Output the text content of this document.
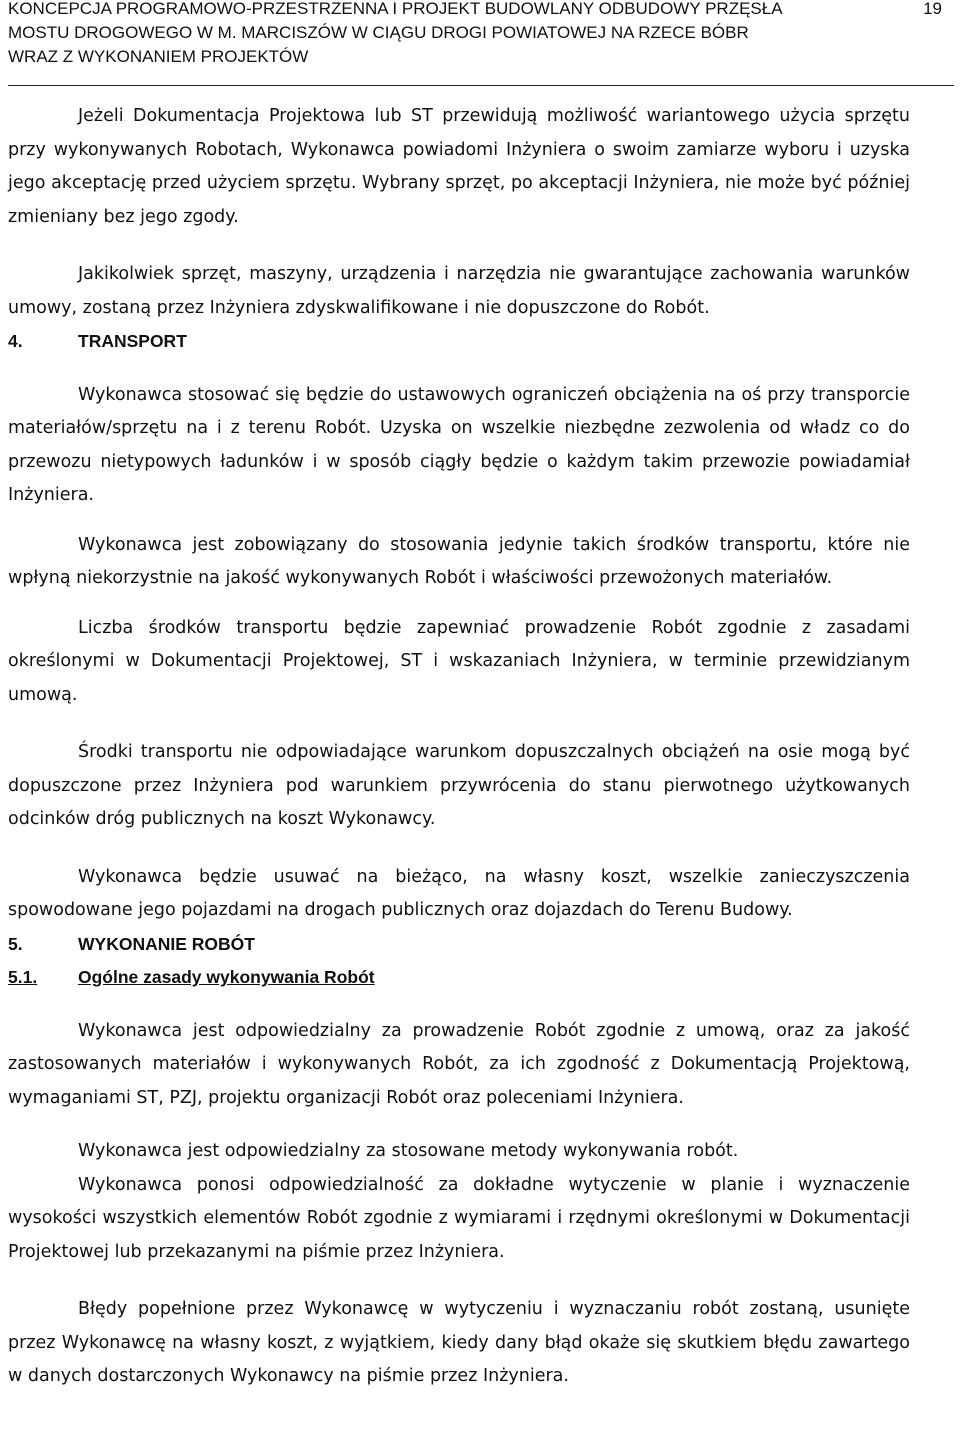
KONCEPCJA PROGRAMOWO-PRZESTRZENNA I PROJEKT BUDOWLANY ODBUDOWY PRZĘSŁA
MOSTU DROGOWEGO W M. MARCISZÓW W CIĄGU DROGI POWIATOWEJ NA RZECE BÓBR
WRAZ Z WYKONANIEM PROJEKTÓW
19

Jeżeli Dokumentacja Projektowa lub ST przewidują możliwość wariantowego użycia sprzętu przy wykonywanych Robotach, Wykonawca powiadomi Inżyniera o swoim zamiarze wyboru i uzyska jego akceptację przed użyciem sprzętu. Wybrany sprzęt, po akceptacji Inżyniera, nie może być później zmieniany bez jego zgody.

Jakikolwiek sprzęt, maszyny, urządzenia i narzędzia nie gwarantujące zachowania warunków umowy, zostaną przez Inżyniera zdyskwalifikowane i nie dopuszczone do Robót.

4.	TRANSPORT

Wykonawca stosować się będzie do ustawowych ograniczeń obciążenia na oś przy transporcie materiałów/sprzętu na i z terenu Robót. Uzyska on wszelkie niezbędne zezwolenia od władz co do przewozu nietypowych ładunków i w sposób ciągły będzie o każdym takim przewozie powiadamiał Inżyniera.

Wykonawca jest zobowiązany do stosowania jedynie takich środków transportu, które nie wpłyną niekorzystnie na jakość wykonywanych Robót i właściwości przewożonych materiałów.

Liczba środków transportu będzie zapewniać prowadzenie Robót zgodnie z zasadami określonymi w Dokumentacji Projektowej, ST i wskazaniach Inżyniera, w terminie przewidzianym umową.

Środki transportu nie odpowiadające warunkom dopuszczalnych obciążeń na osie mogą być dopuszczone przez Inżyniera pod warunkiem przywrócenia do stanu pierwotnego użytkowanych odcinków dróg publicznych na koszt Wykonawcy.

Wykonawca będzie usuwać na bieżąco, na własny koszt, wszelkie zanieczyszczenia spowodowane jego pojazdami na drogach publicznych oraz dojazdach do Terenu Budowy.

5.	WYKONANIE ROBÓT

5.1. Ogólne zasady wykonywania Robót

Wykonawca jest odpowiedzialny za prowadzenie Robót zgodnie z umową, oraz za jakość zastosowanych materiałów i wykonywanych Robót, za ich zgodność z Dokumentacją Projektową, wymaganiami ST, PZJ, projektu organizacji Robót oraz poleceniami Inżyniera.

Wykonawca jest odpowiedzialny za stosowane metody wykonywania robót.

Wykonawca ponosi odpowiedzialność za dokładne wytyczenie w planie i wyznaczenie wysokości wszystkich elementów Robót zgodnie z wymiarami i rzędnymi określonymi w Dokumentacji Projektowej lub przekazanymi na piśmie przez Inżyniera.

Błędy popełnione przez Wykonawcę w wytyczeniu i wyznaczaniu robót zostaną, usunięte przez Wykonawcę na własny koszt, z wyjątkiem, kiedy dany błąd okaże się skutkiem błędu zawartego w danych dostarczonych Wykonawcy na piśmie przez Inżyniera.
